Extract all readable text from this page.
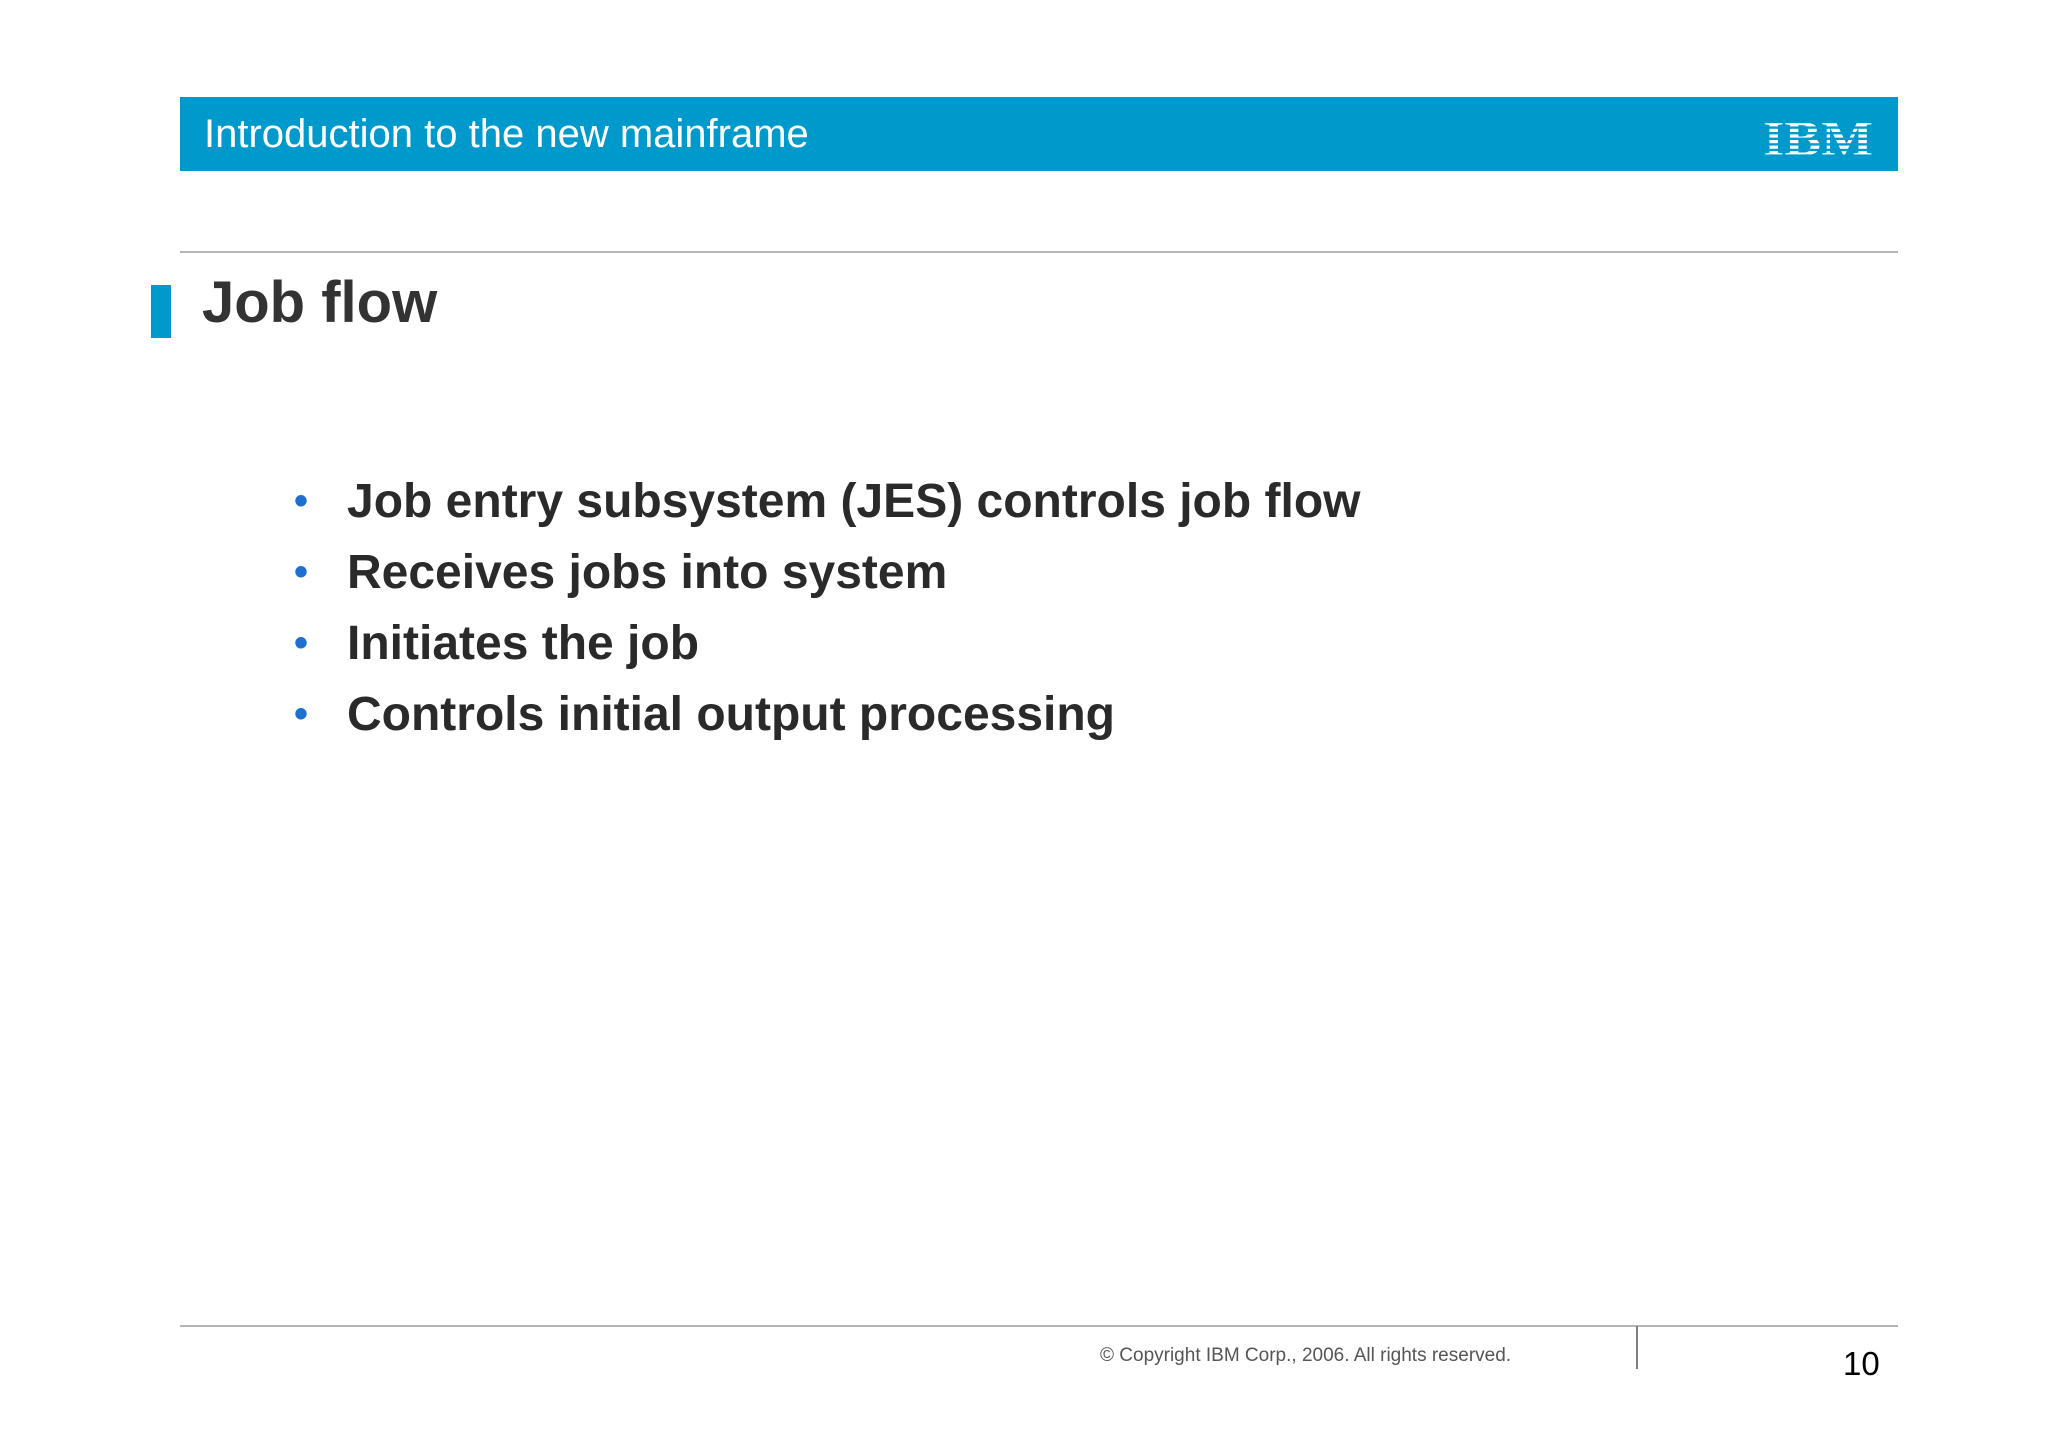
Introduction to the new mainframe
Job flow
• Job entry subsystem (JES) controls job flow
• Receives jobs into system
• Initiates the job
• Controls initial output processing
© Copyright IBM Corp., 2006. All rights reserved.	10
